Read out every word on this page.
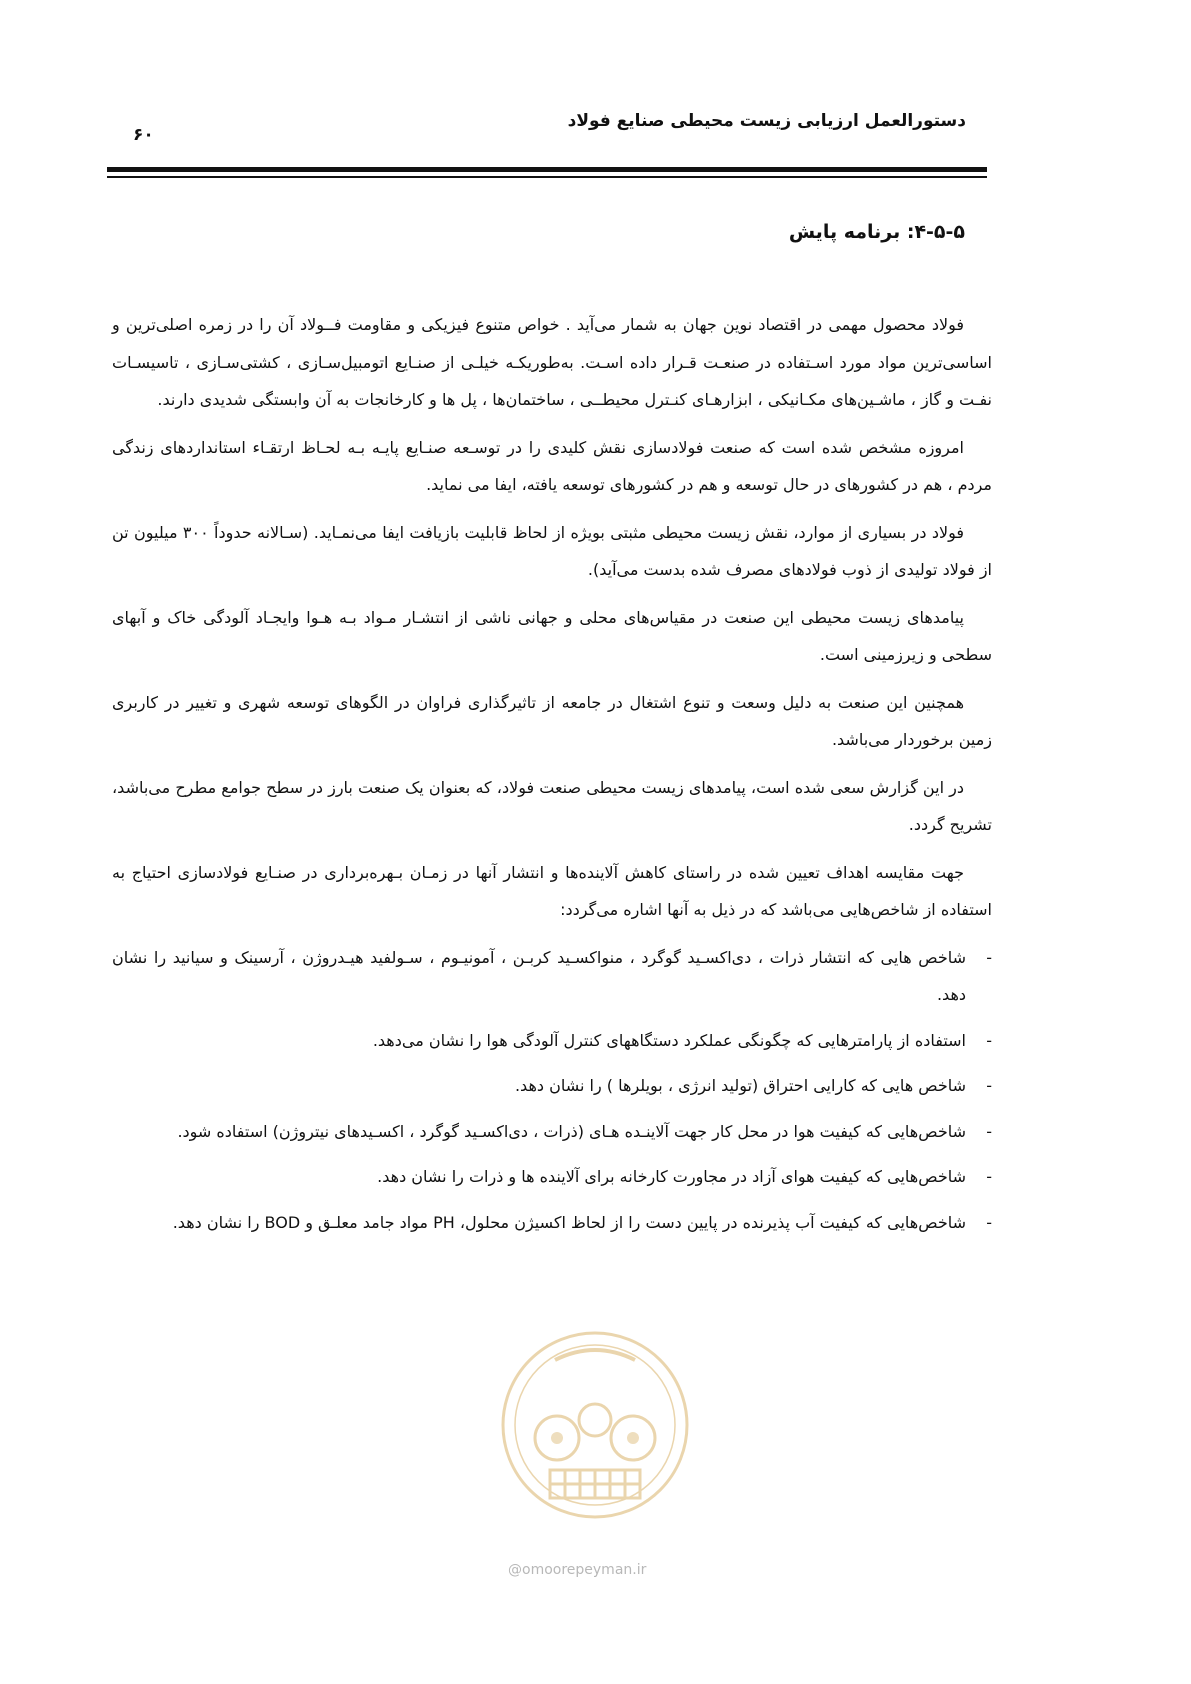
دستورالعمل ارزیابی زیست محیطی صنایع فولاد
۶۰
۴-۵-۵: برنامه پایش

فولاد محصول مهمی در اقتصاد نوین جهان به شمار می‌آید . خواص متنوع فیزیکی و مقاومت فــولاد آن را در زمره اصلی‌ترین و اساسی‌ترین مواد مورد اسـتفاده در صنعـت قـرار داده اسـت. به‌طوریکـه خیلـی از صنـایع اتومبیل‌سـازی ، کشتی‌سـازی ، تاسیسـات نفـت و گاز ، ماشـین‌های مکـانیکی ، ابزارهـای کنـترل محیطــی ، ساختمان‌ها ، پل ها و کارخانجات به آن وابستگی شدیدی دارند.

امروزه مشخص شده است که صنعت فولادسازی نقش کلیدی را در توسـعه صنـایع پایـه بـه لحـاظ ارتقـاء استانداردهای زندگی مردم ، هم در کشورهای در حال توسعه و هم در کشورهای توسعه یافته، ایفا می نماید.

فولاد در بسیاری از موارد، نقش زیست محیطی مثبتی بویژه از لحاظ قابلیت بازیافت ایفا می‌نمـاید. (سـالانه حدوداً ۳۰۰ میلیون تن از فولاد تولیدی از ذوب فولادهای مصرف شده بدست می‌آید).

پیامدهای زیست محیطی این صنعت در مقیاس‌های محلی و جهانی ناشی از انتشـار مـواد بـه هـوا وایجـاد آلودگی خاک و آبهای سطحی و زیرزمینی است.

همچنین این صنعت به دلیل وسعت و تنوع اشتغال در جامعه از تاثیرگذاری فراوان در الگوهای توسعه شهری و تغییر در کاربری زمین برخوردار می‌باشد.

در این گزارش سعی شده است، پیامدهای زیست محیطی صنعت فولاد، که بعنوان یک صنعت بارز در سطح جوامع مطرح می‌باشد، تشریح گردد.

جهت مقایسه اهداف تعیین شده در راستای کاهش آلاینده‌ها و انتشار آنها در زمـان بـهره‌برداری در صنـایع فولادسازی احتیاج به استفاده از شاخص‌هایی می‌باشد که در ذیل به آنها اشاره می‌گردد:

-
شاخص هایی که انتشار ذرات ، دی‌اکسـید گوگرد ، منواکسـید کربـن ، آمونیـوم ، سـولفید هیـدروژن ، آرسینک و سیانید را نشان دهد.
-
استفاده از پارامترهایی که چگونگی عملکرد دستگاههای کنترل آلودگی هوا را نشان می‌دهد.
-
شاخص هایی که کارایی احتراق (تولید انرژی ، بویلرها ) را نشان دهد.
-
شاخص‌هایی که کیفیت هوا در محل کار جهت آلاینـده هـای (ذرات ، دی‌اکسـید گوگرد ، اکسـیدهای نیتروژن) استفاده شود.
-
شاخص‌هایی که کیفیت هوای آزاد در مجاورت کارخانه برای آلاینده ها و ذرات را نشان دهد.
-
شاخص‌هایی که کیفیت آب پذیرنده در پایین دست را از لحاظ اکسیژن محلول، PH مواد جامد معلـق و BOD را نشان دهد.
@omoorepeyman.ir
